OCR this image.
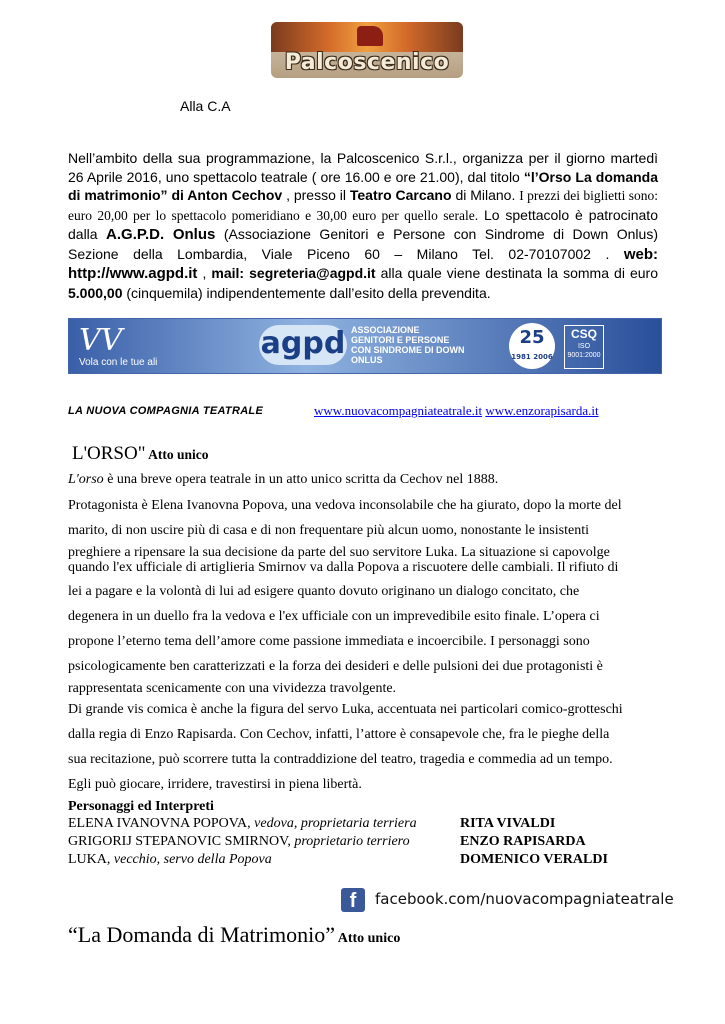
Palcoscenico
Alla C.A
Nell’ambito della sua programmazione, la Palcoscenico S.r.l., organizza per il giorno martedì 26 Aprile 2016, uno spettacolo teatrale ( ore 16.00 e ore 21.00), dal titolo “l’Orso La domanda di matrimonio” di Anton Cechov , presso il Teatro Carcano di Milano. I prezzi dei biglietti sono: euro 20,00 per lo spettacolo pomeridiano e 30,00 euro per quello serale. Lo spettacolo è patrocinato dalla A.G.P.D. Onlus (Associazione Genitori e Persone con Sindrome di Down Onlus) Sezione della Lombardia, Viale Piceno 60 – Milano Tel. 02-70107002 . web: http://www.agpd.it , mail: segreteria@agpd.it alla quale viene destinata la somma di euro 5.000,00 (cinquemila) indipendentemente dall’esito della prevendita.
VV
Vola con le tue ali
agpd ASSOCIAZIONE
GENITORI E PERSONE
CON SINDROME DI DOWN
ONLUS
25
1981 2006
CSQ
ISO 9001:2000
LA NUOVA COMPAGNIA TEATRALE	www.nuovacompagniateatrale.it www.enzorapisarda.it
L'ORSO" Atto unico
L'orso è una breve opera teatrale in un atto unico scritta da Cechov nel 1888.
Protagonista è Elena Ivanovna Popova, una vedova inconsolabile che ha giurato, dopo la morte del
marito, di non uscire più di casa e di non frequentare più alcun uomo, nonostante le insistenti
preghiere a ripensare la sua decisione da parte del suo servitore Luka. La situazione si capovolge
quando l'ex ufficiale di artiglieria Smirnov va dalla Popova a riscuotere delle cambiali. Il rifiuto di
lei a pagare e la volontà di lui ad esigere quanto dovuto originano un dialogo concitato, che
degenera in un duello fra la vedova e l'ex ufficiale con un imprevedibile esito finale. L’opera ci
propone l’eterno tema dell’amore come passione immediata e incoercibile. I personaggi sono
psicologicamente ben caratterizzati e la forza dei desideri e delle pulsioni dei due protagonisti è
rappresentata scenicamente con una vividezza travolgente.
Di grande vis comica è anche la figura del servo Luka, accentuata nei particolari comico-grotteschi
dalla regia di Enzo Rapisarda. Con Cechov, infatti, l’attore è consapevole che, fra le pieghe della
sua recitazione, può scorrere tutta la contraddizione del teatro, tragedia e commedia ad un tempo.
Egli può giocare, irridere, travestirsi in piena libertà.
Personaggi ed Interpreti
ELENA IVANOVNA POPOVA, vedova, proprietaria terriera	RITA VIVALDI
GRIGORIJ STEPANOVIC SMIRNOV, proprietario terriero	ENZO RAPISARDA
LUKA, vecchio, servo della Popova	DOMENICO VERALDI
f	facebook.com/nuovacompagniateatrale
“La Domanda di Matrimonio” Atto unico
